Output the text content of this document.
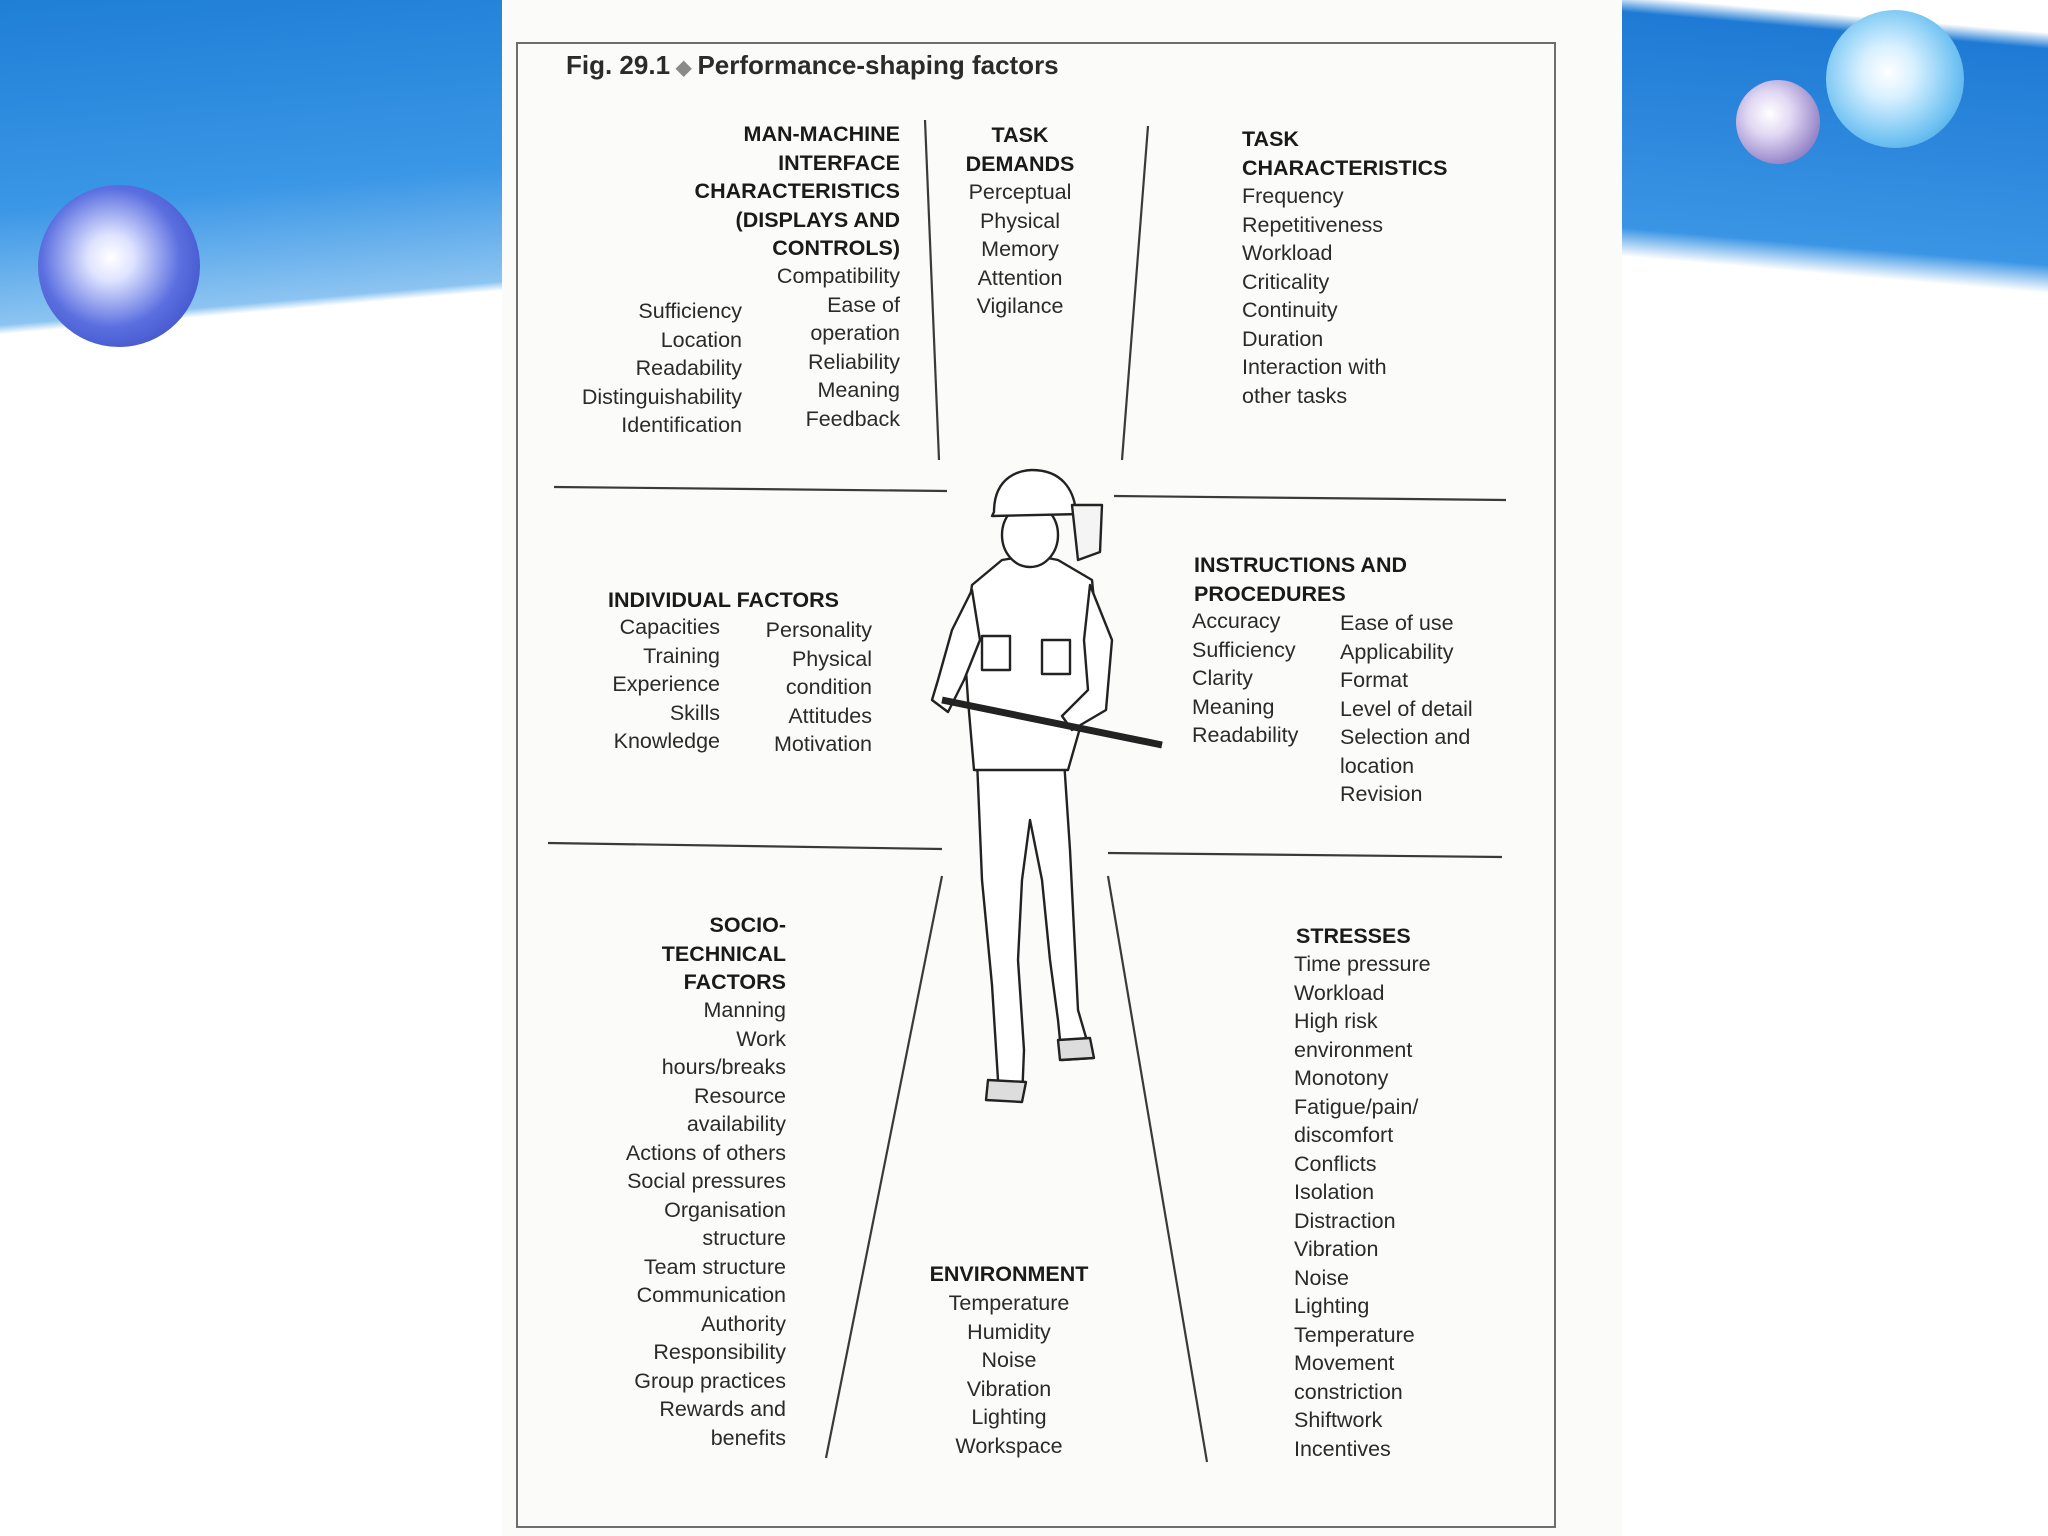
Fig. 29.1 ◆ Performance-shaping factors
MAN-MACHINE
INTERFACE
CHARACTERISTICS
(DISPLAYS AND
CONTROLS)
Compatibility
Ease of
operation
Reliability
Meaning
Feedback
Sufficiency
Location
Readability
Distinguishability
Identification
TASK
DEMANDS
Perceptual
Physical
Memory
Attention
Vigilance
TASK
CHARACTERISTICS
Frequency
Repetitiveness
Workload
Criticality
Continuity
Duration
Interaction with
other tasks
INDIVIDUAL FACTORS
Capacities
Training
Experience
Skills
Knowledge
Personality
Physical
condition
Attitudes
Motivation
INSTRUCTIONS AND
PROCEDURES
Accuracy
Sufficiency
Clarity
Meaning
Readability
Ease of use
Applicability
Format
Level of detail
Selection and
location
Revision
SOCIO-
TECHNICAL
FACTORS
Manning
Work
hours/breaks
Resource
availability
Actions of others
Social pressures
Organisation
structure
Team structure
Communication
Authority
Responsibility
Group practices
Rewards and
benefits
ENVIRONMENT
Temperature
Humidity
Noise
Vibration
Lighting
Workspace
STRESSES
Time pressure
Workload
High risk
environment
Monotony
Fatigue/pain/
discomfort
Conflicts
Isolation
Distraction
Vibration
Noise
Lighting
Temperature
Movement
constriction
Shiftwork
Incentives
